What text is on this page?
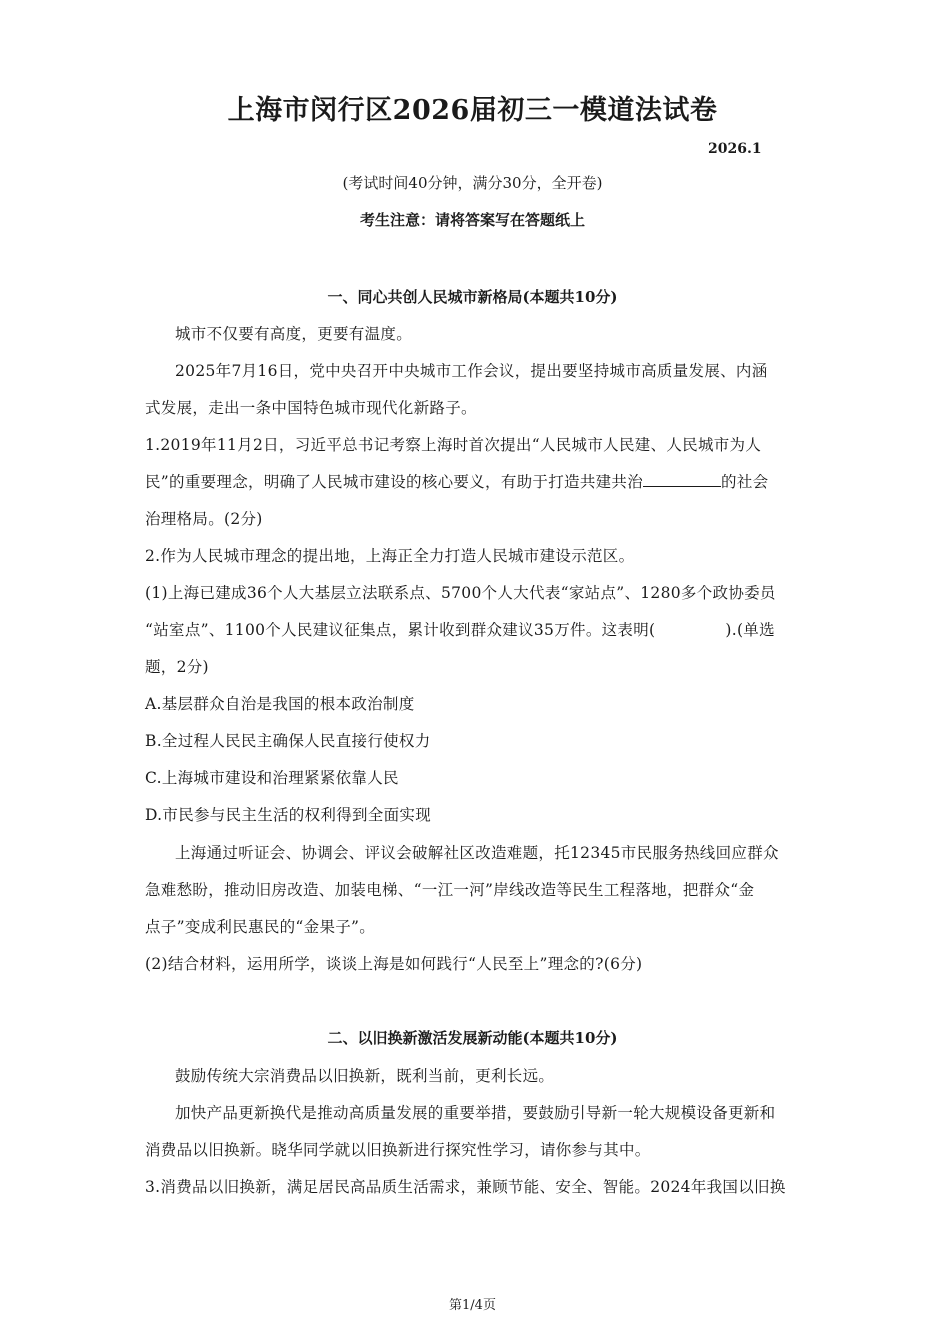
上海市闵行区2026届初三一模道法试卷
2026.1
(考试时间40分钟，满分30分，全开卷)
考生注意：请将答案写在答题纸上
一、同心共创人民城市新格局(本题共10分)
城市不仅要有高度，更要有温度。
2025年7月16日，党中央召开中央城市工作会议，提出要坚持城市高质量发展、内涵
式发展，走出一条中国特色城市现代化新路子。
1.2019年11月2日，习近平总书记考察上海时首次提出“人民城市人民建、人民城市为人
民”的重要理念，明确了人民城市建设的核心要义，有助于打造共建共治	的社会
治理格局。(2分)
2.作为人民城市理念的提出地，上海正全力打造人民城市建设示范区。
(1)上海已建成36个人大基层立法联系点、5700个人大代表“家站点”、1280多个政协委员
“站室点”、1100个人民建议征集点，累计收到群众建议35万件。这表明(	).(单选
题，2分)
A.基层群众自治是我国的根本政治制度
B.全过程人民民主确保人民直接行使权力
C.上海城市建设和治理紧紧依靠人民
D.市民参与民主生活的权利得到全面实现
上海通过听证会、协调会、评议会破解社区改造难题，托12345市民服务热线回应群众
急难愁盼，推动旧房改造、加装电梯、“一江一河”岸线改造等民生工程落地，把群众“金
点子”变成利民惠民的“金果子”。
(2)结合材料，运用所学，谈谈上海是如何践行“人民至上”理念的?(6分)
二、以旧换新激活发展新动能(本题共10分)
鼓励传统大宗消费品以旧换新，既利当前，更利长远。
加快产品更新换代是推动高质量发展的重要举措，要鼓励引导新一轮大规模设备更新和
消费品以旧换新。晓华同学就以旧换新进行探究性学习，请你参与其中。
3.消费品以旧换新，满足居民高品质生活需求，兼顾节能、安全、智能。2024年我国以旧换
第1/4页
